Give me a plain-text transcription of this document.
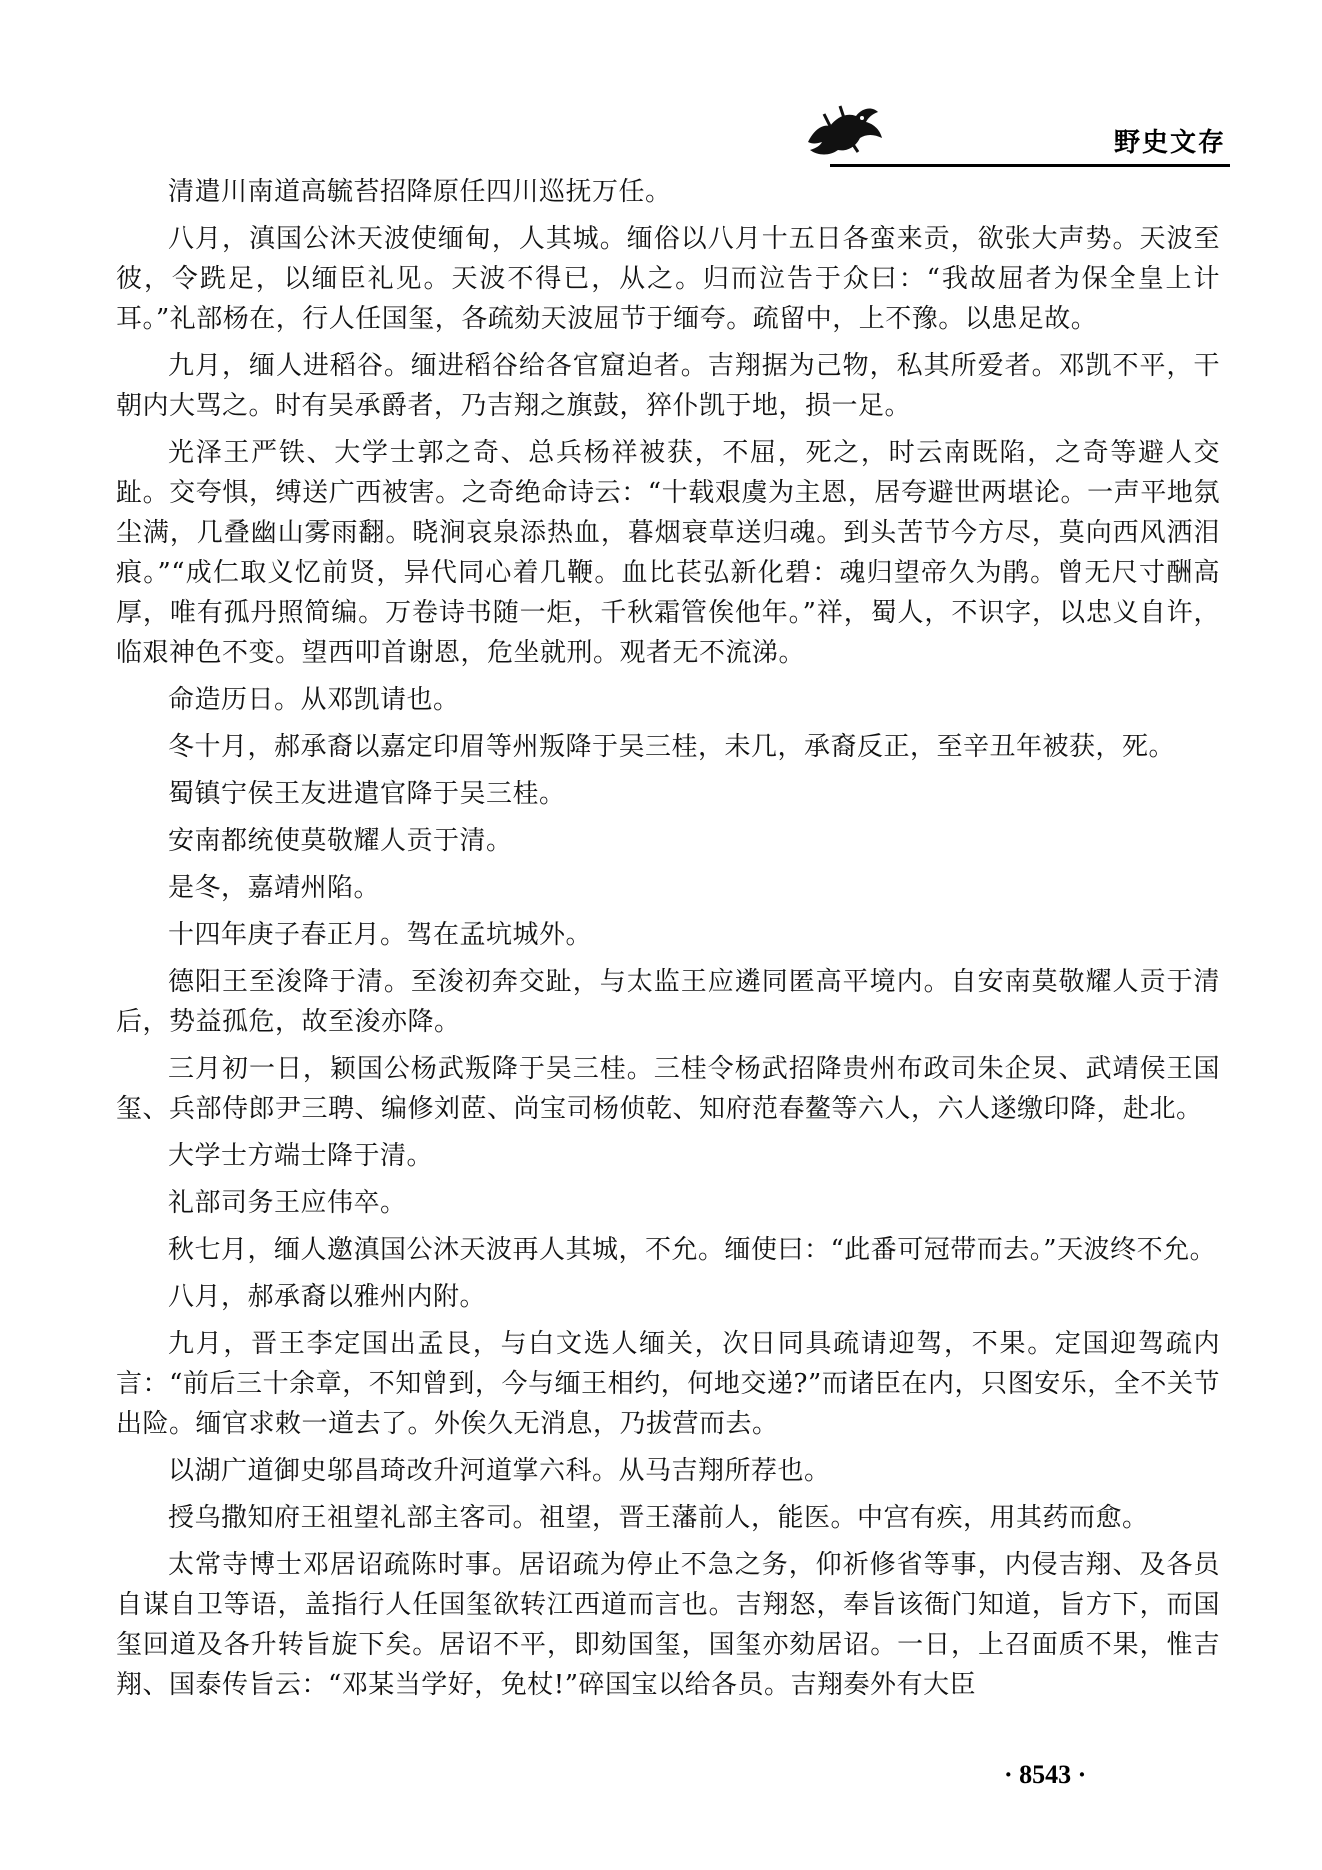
野史文存

清遣川南道高毓苔招降原任四川巡抚万任。

八月，滇国公沐天波使缅甸，人其城。缅俗以八月十五日各蛮来贡，欲张大声势。天波至彼，令跣足，以缅臣礼见。天波不得已，从之。归而泣告于众曰：“我故屈者为保全皇上计耳。”礼部杨在，行人任国玺，各疏劾天波屈节于缅夸。疏留中，上不豫。以患足故。

九月，缅人进稻谷。缅进稻谷给各官窟迫者。吉翔据为己物，私其所爱者。邓凯不平，干朝内大骂之。时有吴承爵者，乃吉翔之旗鼓，猝仆凯于地，损一足。

光泽王严铁、大学士郭之奇、总兵杨祥被获，不屈，死之，时云南既陷，之奇等避人交趾。交夸惧，缚送广西被害。之奇绝命诗云：“十载艰虞为主恩，居夸避世两堪论。一声平地氛尘满，几叠幽山雾雨翻。晓涧哀泉添热血，暮烟衰草送归魂。到头苦节今方尽，莫向西风洒泪痕。”“成仁取义忆前贤，异代同心着几鞭。血比苌弘新化碧：魂归望帝久为鹃。曾无尺寸酬高厚，唯有孤丹照简编。万卷诗书随一炬，千秋霜管俟他年。”祥，蜀人，不识字，以忠义自许，临艰神色不变。望西叩首谢恩，危坐就刑。观者无不流涕。

命造历日。从邓凯请也。

冬十月，郝承裔以嘉定印眉等州叛降于吴三桂，未几，承裔反正，至辛丑年被获，死。

蜀镇宁侯王友进遣官降于吴三桂。

安南都统使莫敬耀人贡于清。

是冬，嘉靖州陷。

十四年庚子春正月。驾在孟坑城外。

德阳王至浚降于清。至浚初奔交趾，与太监王应遴同匿高平境内。自安南莫敬耀人贡于清后，势益孤危，故至浚亦降。

三月初一日，颖国公杨武叛降于吴三桂。三桂令杨武招降贵州布政司朱企炅、武靖侯王国玺、兵部侍郎尹三聘、编修刘茝、尚宝司杨侦乾、知府范春鳌等六人，六人遂缴印降，赴北。

大学士方端士降于清。

礼部司务王应伟卒。

秋七月，缅人邀滇国公沐天波再人其城，不允。缅使曰：“此番可冠带而去。”天波终不允。

八月，郝承裔以雅州内附。

九月，晋王李定国出孟艮，与白文选人缅关，次日同具疏请迎驾，不果。定国迎驾疏内言：“前后三十余章，不知曾到，今与缅王相约，何地交递?”而诸臣在内，只图安乐，全不关节出险。缅官求敕一道去了。外俟久无消息，乃拔营而去。

以湖广道御史邬昌琦改升河道掌六科。从马吉翔所荐也。

授乌撒知府王祖望礼部主客司。祖望，晋王藩前人，能医。中宫有疾，用其药而愈。

太常寺博士邓居诏疏陈时事。居诏疏为停止不急之务，仰祈修省等事，内侵吉翔、及各员自谋自卫等语，盖指行人任国玺欲转江西道而言也。吉翔怒，奉旨该衙门知道，旨方下，而国玺回道及各升转旨旋下矣。居诏不平，即劾国玺，国玺亦劾居诏。一日，上召面质不果，惟吉翔、国泰传旨云：“邓某当学好，免杖!”碎国宝以给各员。吉翔奏外有大臣

· 8543 ·
